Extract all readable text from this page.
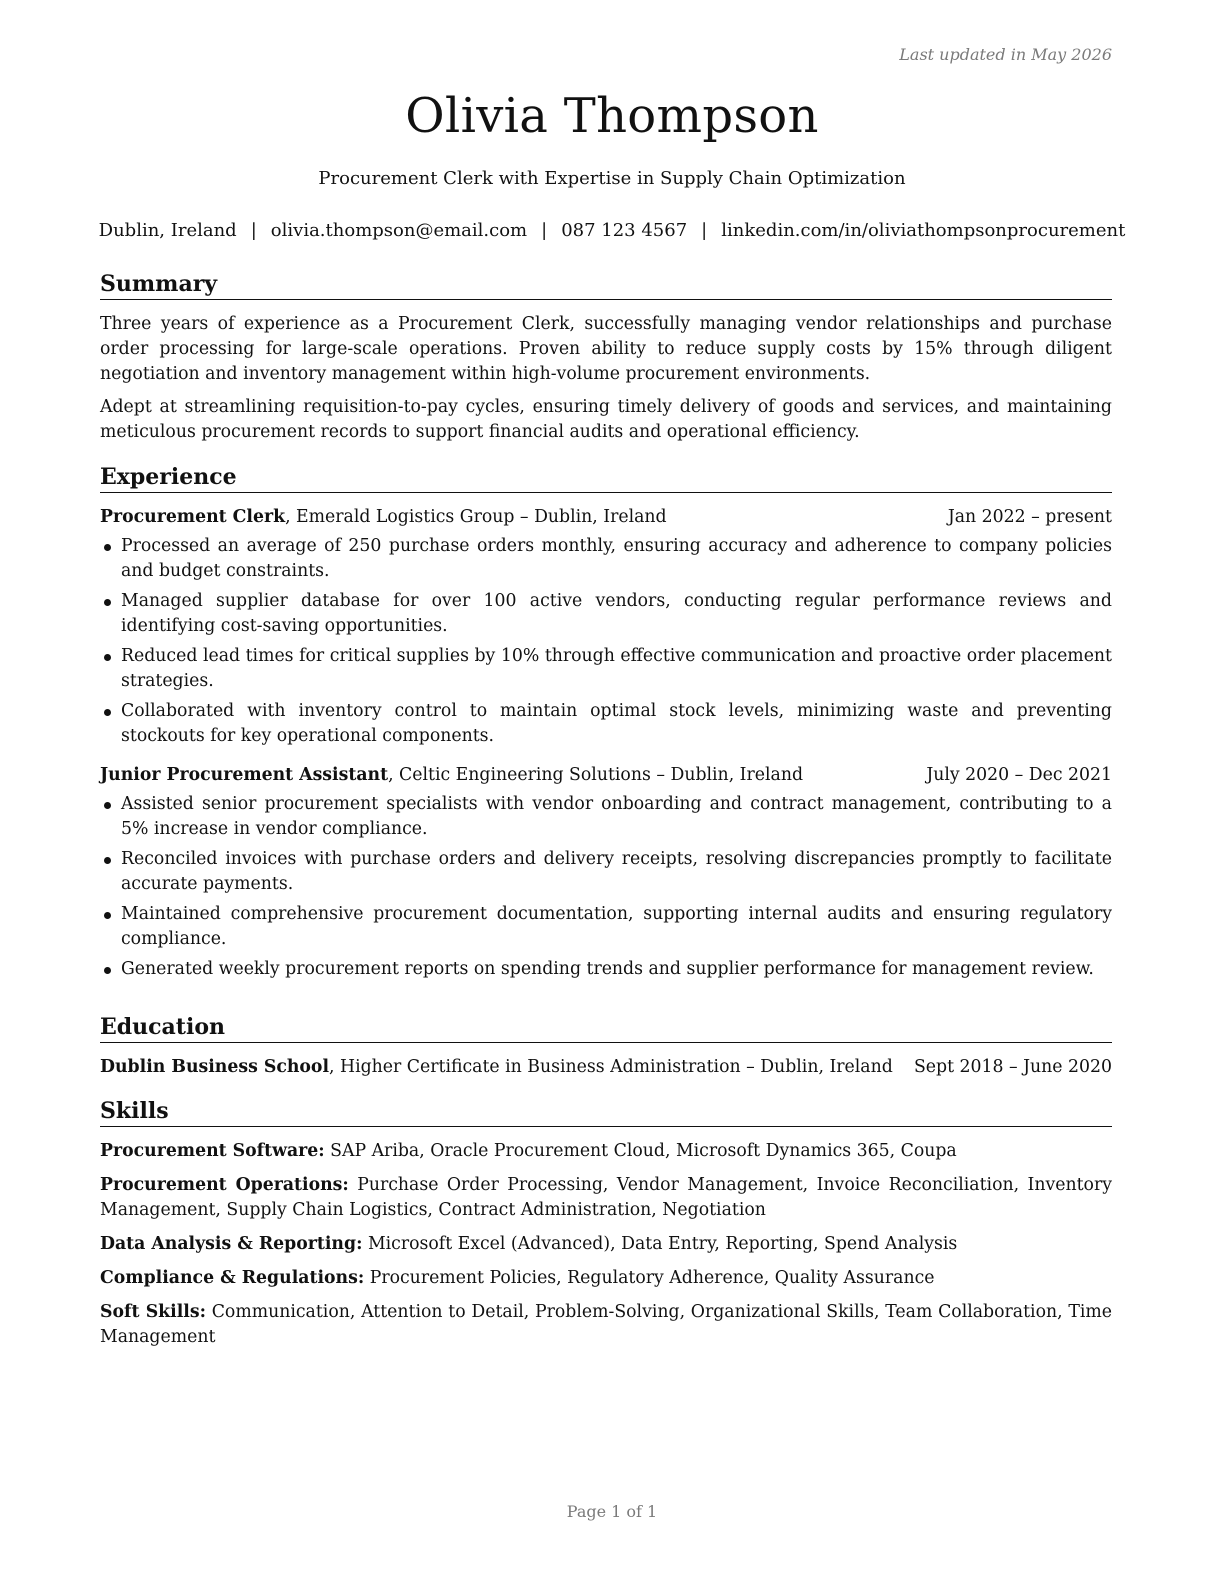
Last updated in May 2026
Olivia Thompson
Procurement Clerk with Expertise in Supply Chain Optimization
Dublin, Ireland | olivia.thompson@email.com | 087 123 4567 | linkedin.com/in/oliviathompsonprocurement
Summary

Three years of experience as a Procurement Clerk, successfully managing vendor relationships and purchase order processing for large-scale operations. Proven ability to reduce supply costs by 15% through diligent negotiation and inventory management within high-volume procurement environments.

Adept at streamlining requisition-to-pay cycles, ensuring timely delivery of goods and services, and maintaining meticulous procurement records to support financial audits and operational efficiency.

Experience
Procurement Clerk, Emerald Logistics Group – Dublin, Ireland	Jan 2022 – present
Processed an average of 250 purchase orders monthly, ensuring accuracy and adherence to company policies and budget constraints.
Managed supplier database for over 100 active vendors, conducting regular performance reviews and identifying cost-saving opportunities.
Reduced lead times for critical supplies by 10% through effective communication and proactive order placement strategies.
Collaborated with inventory control to maintain optimal stock levels, minimizing waste and preventing stockouts for key operational components.
Junior Procurement Assistant, Celtic Engineering Solutions – Dublin, Ireland	July 2020 – Dec 2021
Assisted senior procurement specialists with vendor onboarding and contract management, contributing to a 5% increase in vendor compliance.
Reconciled invoices with purchase orders and delivery receipts, resolving discrepancies promptly to facilitate accurate payments.
Maintained comprehensive procurement documentation, supporting internal audits and ensuring regulatory compliance.
Generated weekly procurement reports on spending trends and supplier performance for management review.
Education
Dublin Business School, Higher Certificate in Business Administration – Dublin, Ireland Sept 2018 – June 2020
Skills
Procurement Software: SAP Ariba, Oracle Procurement Cloud, Microsoft Dynamics 365, Coupa
Procurement Operations: Purchase Order Processing, Vendor Management, Invoice Reconciliation, Inventory Management, Supply Chain Logistics, Contract Administration, Negotiation
Data Analysis & Reporting: Microsoft Excel (Advanced), Data Entry, Reporting, Spend Analysis
Compliance & Regulations: Procurement Policies, Regulatory Adherence, Quality Assurance
Soft Skills: Communication, Attention to Detail, Problem-Solving, Organizational Skills, Team Collaboration, Time Management
Page 1 of 1
